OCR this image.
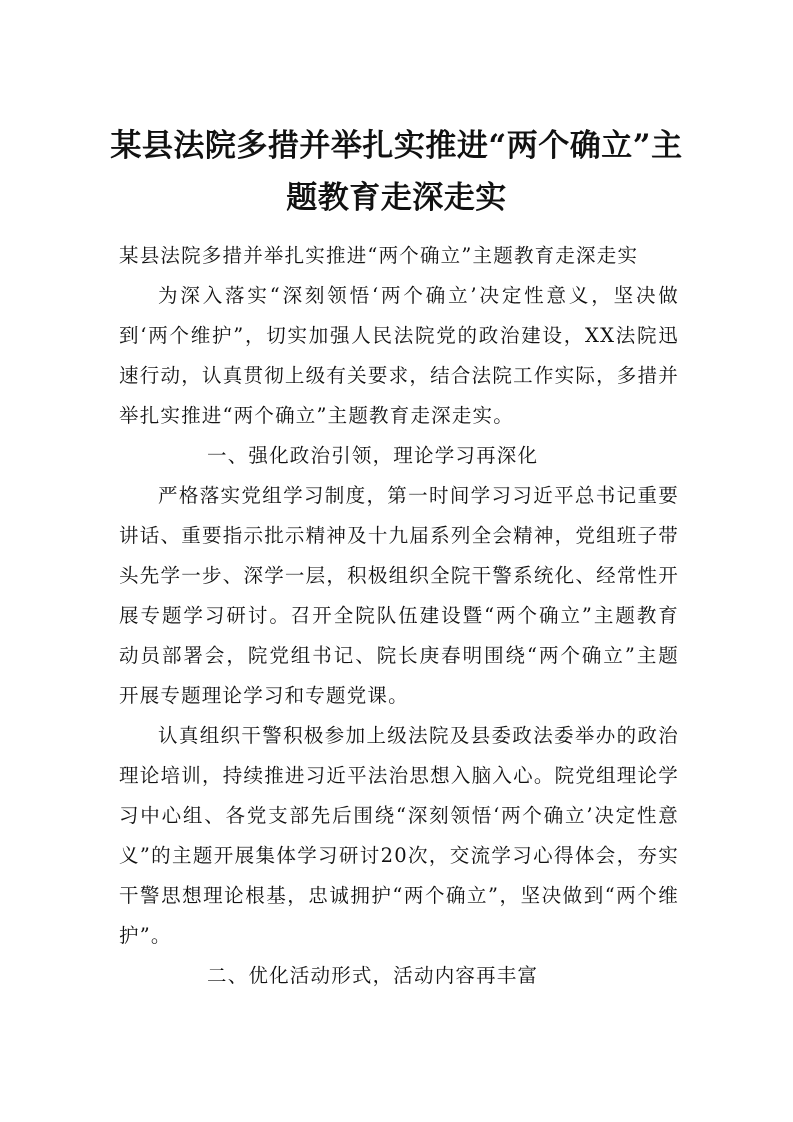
某县法院多措并举扎实推进“两个确立”主题教育走深走实

某县法院多措并举扎实推进“两个确立”主题教育走深走实

为深入落实“深刻领悟‘两个确立’决定性意义，坚决做到‘两个维护”，切实加强人民法院党的政治建设，XX法院迅速行动，认真贯彻上级有关要求，结合法院工作实际，多措并举扎实推进“两个确立”主题教育走深走实。

一、强化政治引领，理论学习再深化

严格落实党组学习制度，第一时间学习习近平总书记重要讲话、重要指示批示精神及十九届系列全会精神，党组班子带头先学一步、深学一层，积极组织全院干警系统化、经常性开展专题学习研讨。召开全院队伍建设暨“两个确立”主题教育动员部署会，院党组书记、院长庚春明围绕“两个确立”主题开展专题理论学习和专题党课。

认真组织干警积极参加上级法院及县委政法委举办的政治理论培训，持续推进习近平法治思想入脑入心。院党组理论学习中心组、各党支部先后围绕“深刻领悟‘两个确立’决定性意义”的主题开展集体学习研讨20次，交流学习心得体会，夯实干警思想理论根基，忠诚拥护“两个确立”，坚决做到“两个维护”。

二、优化活动形式，活动内容再丰富
